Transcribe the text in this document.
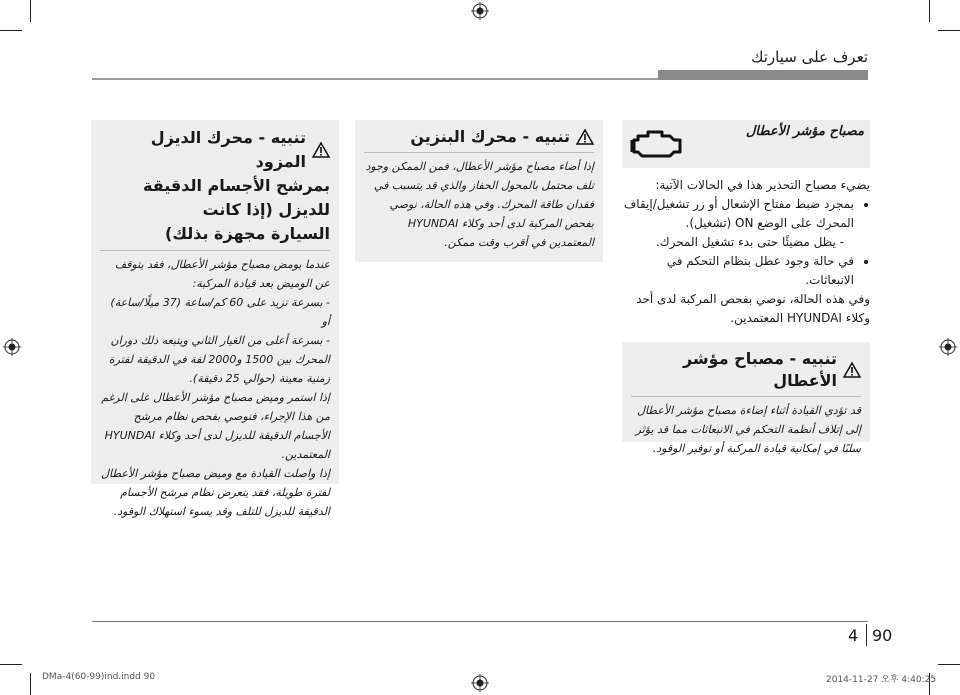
تعرف على سيارتك
مصباح مؤشر الأعطال

يضيء مصباح التحذير هذا في الحالات الآتية:

• بمجرد ضبط مفتاح الإشعال أو زر تشغيل/إيقاف المحرك على الوضع ON (تشغيل).
- يظل مضيئًا حتى بدء تشغيل المحرك.
• في حالة وجود عطل بنظام التحكم في الانبعاثات.

وفي هذه الحالة، نوصي بفحص المركبة لدى أحد وكلاء HYUNDAI المعتمدين.

تنبيه - مصباح مؤشر الأعطال

قد تؤدي القيادة أثناء إضاءة مصباح مؤشر الأعطال إلى إتلاف أنظمة التحكم في الانبعاثات مما قد يؤثر سلبًا في إمكانية قيادة المركبة أو توفير الوقود.

تنبيه - محرك البنزين

إذا أضاء مصباح مؤشر الأعطال، فمن الممكن وجود تلف محتمل بالمحول الحفاز والذي قد يتسبب في فقدان طاقة المحرك. وفي هذه الحالة، نوصي بفحص المركبة لدى أحد وكلاء HYUNDAI المعتمدين في أقرب وقت ممكن.

تنبيه - محرك الديزل المزود
بمرشح الأجسام الدقيقة
للديزل (إذا كانت
السيارة مجهزة بذلك)

عندما يومض مصباح مؤشر الأعطال، فقد يتوقف عن الوميض بعد قيادة المركبة:

- بسرعة تزيد على 60 كم/ساعة (37 ميلًا/ساعة) أو

- بسرعة أعلى من الغيار الثاني ويتبعه ذلك دوران المحرك بين 1500 و2000 لفة في الدقيقة لفترة زمنية معينة (حوالي 25 دقيقة).

إذا استمر وميض مصباح مؤشر الأعطال على الرغم من هذا الإجراء، فنوصي بفحص نظام مرشح الأجسام الدقيقة للديزل لدى أحد وكلاء HYUNDAI المعتمدين.

إذا واصلت القيادة مع وميض مصباح مؤشر الأعطال لفترة طويلة، فقد يتعرض نظام مرشح الأجسام الدقيقة للديزل للتلف وقد يسوء استهلاك الوقود.

4 90
DMa-4(60-99)ind.indd 90	2014-11-27 오후 4:40:25
